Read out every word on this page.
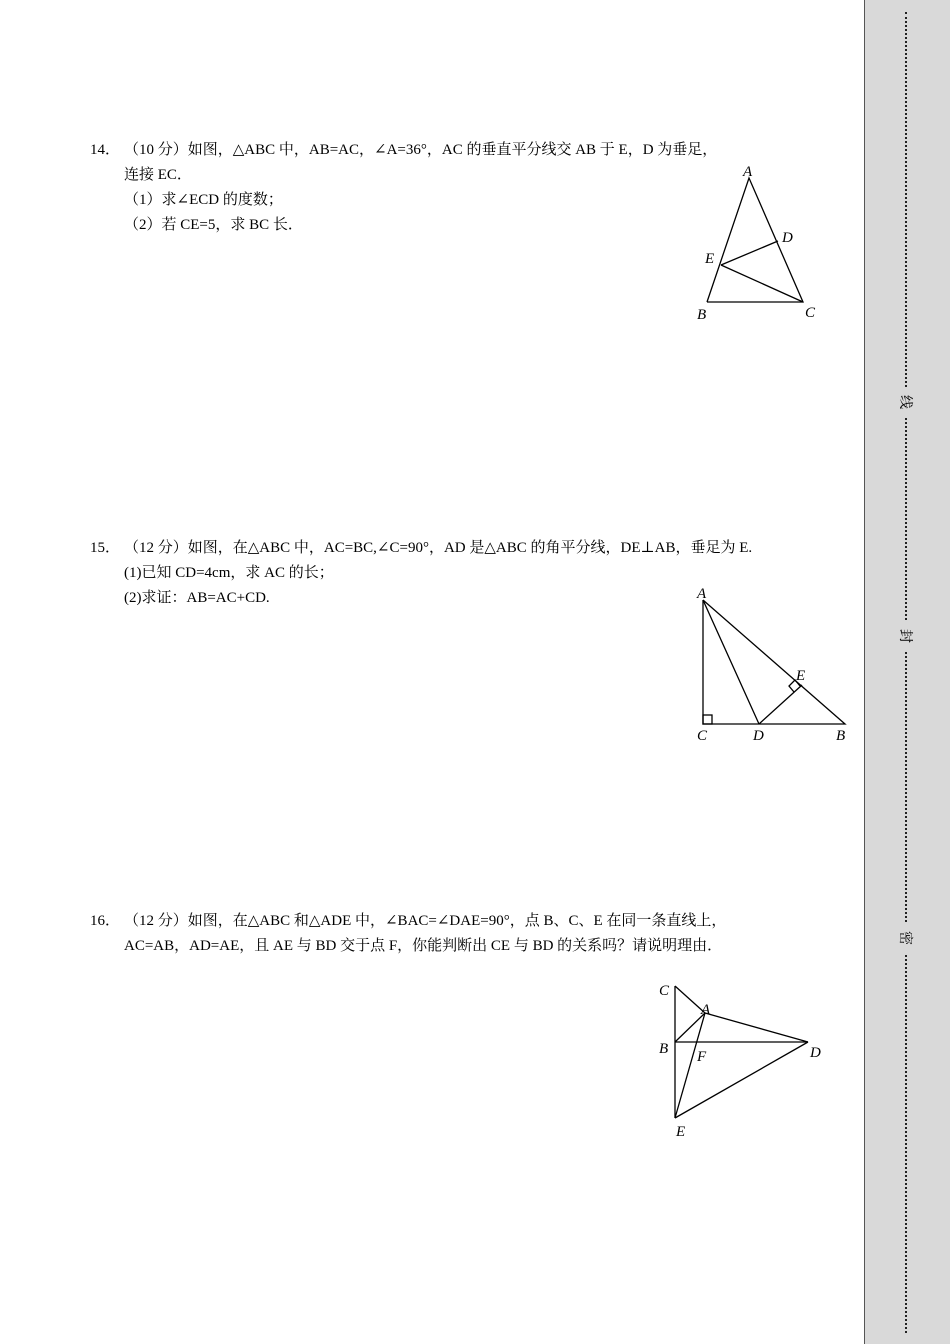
14． （10 分）如图，△ABC 中，AB=AC，∠A=36°，AC 的垂直平分线交 AB 于 E，D 为垂足，
连接 EC．
（1）求∠ECD 的度数；
（2）若 CE=5，求 BC 长．
A
B	C
D
E
15． （12 分）如图，在△ABC 中，AC=BC,∠C=90°，AD 是△ABC 的角平分线，DE⊥AB，垂足为 E.
(1)已知 CD=4cm，求 AC 的长；
(2)求证：AB=AC+CD.	A
C	D	B
E
16． （12 分）如图，在△ABC 和△ADE 中，∠BAC=∠DAE=90°，点 B、C、E 在同一条直线上，
AC=AB，AD=AE，且 AE 与 BD 交于点 F，你能判断出 CE 与 BD 的关系吗？请说明理由．
C
A
B F	D
E
线
封
密
